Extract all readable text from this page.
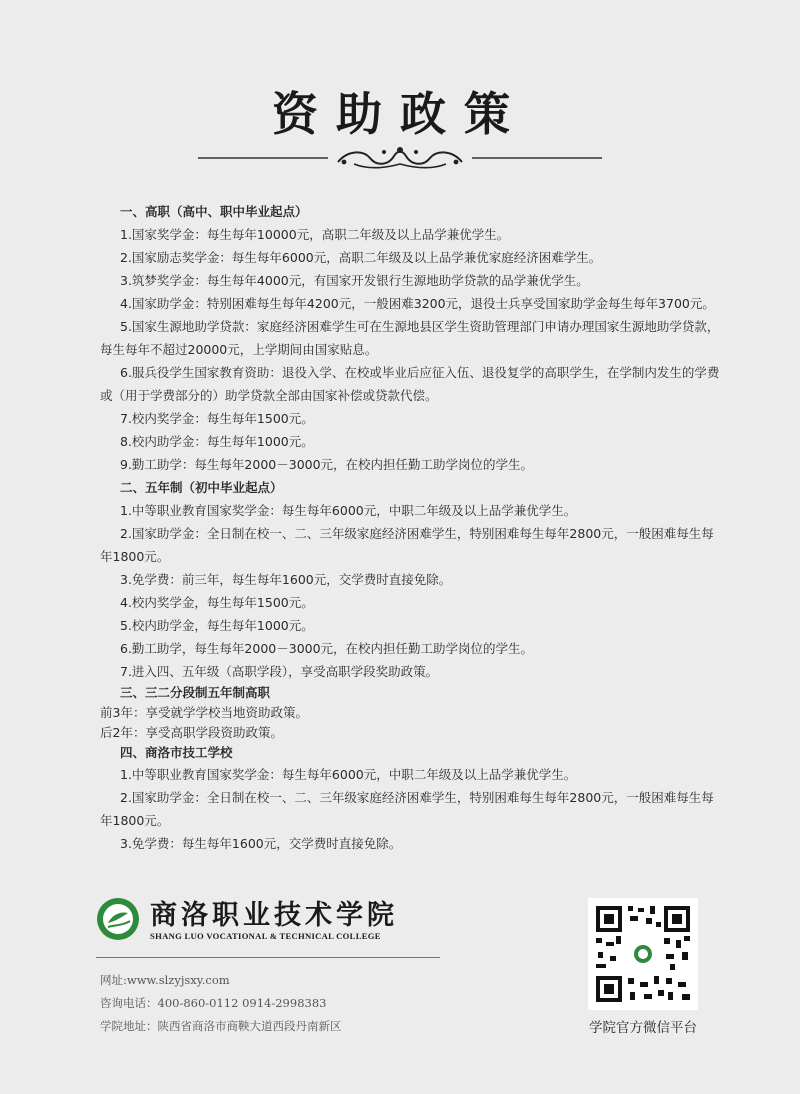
资助政策
一、高职（高中、职中毕业起点）
1.国家奖学金：每生每年10000元，高职二年级及以上品学兼优学生。
2.国家励志奖学金：每生每年6000元，高职二年级及以上品学兼优家庭经济困难学生。
3.筑梦奖学金：每生每年4000元，有国家开发银行生源地助学贷款的品学兼优学生。
4.国家助学金：特别困难每生每年4200元，一般困难3200元，退役士兵享受国家助学金每生每年3700元。
5.国家生源地助学贷款：家庭经济困难学生可在生源地县区学生资助管理部门申请办理国家生源地助学贷款，每生每年不超过20000元，上学期间由国家贴息。
6.服兵役学生国家教育资助：退役入学、在校或毕业后应征入伍、退役复学的高职学生，在学制内发生的学费或（用于学费部分的）助学贷款全部由国家补偿或贷款代偿。
7.校内奖学金：每生每年1500元。
8.校内助学金：每生每年1000元。
9.勤工助学：每生每年2000－3000元，在校内担任勤工助学岗位的学生。
二、五年制（初中毕业起点）
1.中等职业教育国家奖学金：每生每年6000元，中职二年级及以上品学兼优学生。
2.国家助学金：全日制在校一、二、三年级家庭经济困难学生，特别困难每生每年2800元，一般困难每生每年1800元。
3.免学费：前三年，每生每年1600元，交学费时直接免除。
4.校内奖学金，每生每年1500元。
5.校内助学金，每生每年1000元。
6.勤工助学，每生每年2000－3000元，在校内担任勤工助学岗位的学生。
7.进入四、五年级（高职学段），享受高职学段奖助政策。
三、三二分段制五年制高职
前3年：享受就学学校当地资助政策。
后2年：享受高职学段资助政策。
四、商洛市技工学校
1.中等职业教育国家奖学金：每生每年6000元，中职二年级及以上品学兼优学生。
2.国家助学金：全日制在校一、二、三年级家庭经济困难学生，特别困难每生每年2800元，一般困难每生每年1800元。
3.免学费：每生每年1600元，交学费时直接免除。
商洛职业技术学院
SHANG LUO VOCATIONAL & TECHNICAL COLLEGE
网址:www.slzyjsxy.com
咨询电话：400-860-0112 0914-2998383
学院地址：陕西省商洛市商鞅大道西段丹南新区	学院官方微信平台
